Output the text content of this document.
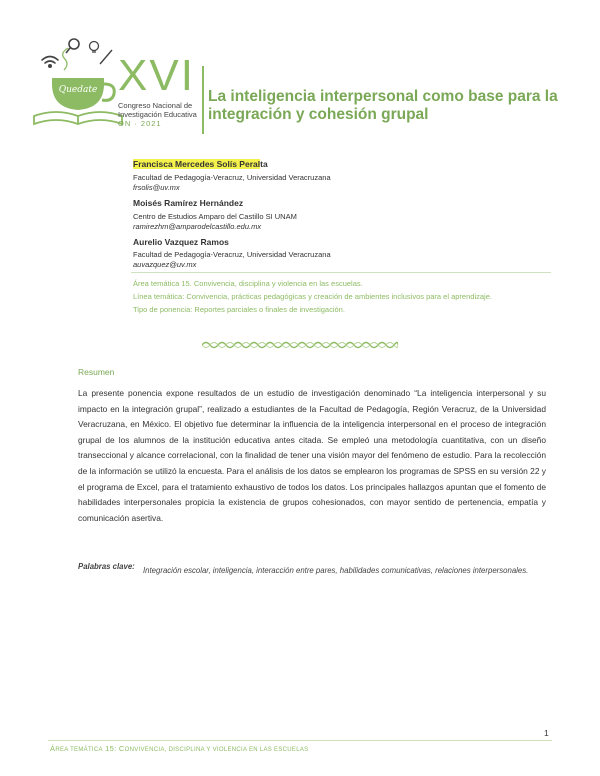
Quedate XVI
Congreso Nacional de
Investigación Educativa
ON · 2021
La inteligencia interpersonal como base para la integración y cohesión grupal
Francisca Mercedes Solís Peralta
Facultad de Pedagogía-Veracruz, Universidad Veracruzana
frsolis@uv.mx
Moisés Ramírez Hernández
Centro de Estudios Amparo del Castillo SI UNAM
ramirezhm@amparodelcastillo.edu.mx
Aurelio Vazquez Ramos
Facultad de Pedagogía-Veracruz, Universidad Veracruzana
auvazquez@uv.mx
Área temática 15. Convivencia, disciplina y violencia en las escuelas.
Línea temática: Convivencia, prácticas pedagógicas y creación de ambientes inclusivos para el aprendizaje.
Tipo de ponencia: Reportes parciales o finales de investigación.
Resumen
La presente ponencia expone resultados de un estudio de investigación denominado “La inteligencia interpersonal y su impacto en la integración grupal”, realizado a estudiantes de la Facultad de Pedagogía, Región Veracruz, de la Universidad Veracruzana, en México. El objetivo fue determinar la influencia de la inteligencia interpersonal en el proceso de integración grupal de los alumnos de la institución educativa antes citada. Se empleó una metodología cuantitativa, con un diseño transeccional y alcance correlacional, con la finalidad de tener una visión mayor del fenómeno de estudio. Para la recolección de la información se utilizó la encuesta. Para el análisis de los datos se emplearon los programas de SPSS en su versión 22 y el programa de Excel, para el tratamiento exhaustivo de todos los datos. Los principales hallazgos apuntan que el fomento de habilidades interpersonales propicia la existencia de grupos cohesionados, con mayor sentido de pertenencia, empatía y comunicación asertiva.
Palabras clave: Integración escolar, inteligencia, interacción entre pares, habilidades comunicativas, relaciones interpersonales.
1
ÁREA TEMÁTICA 15: CONVIVENCIA, DISCIPLINA Y VIOLENCIA EN LAS ESCUELAS
